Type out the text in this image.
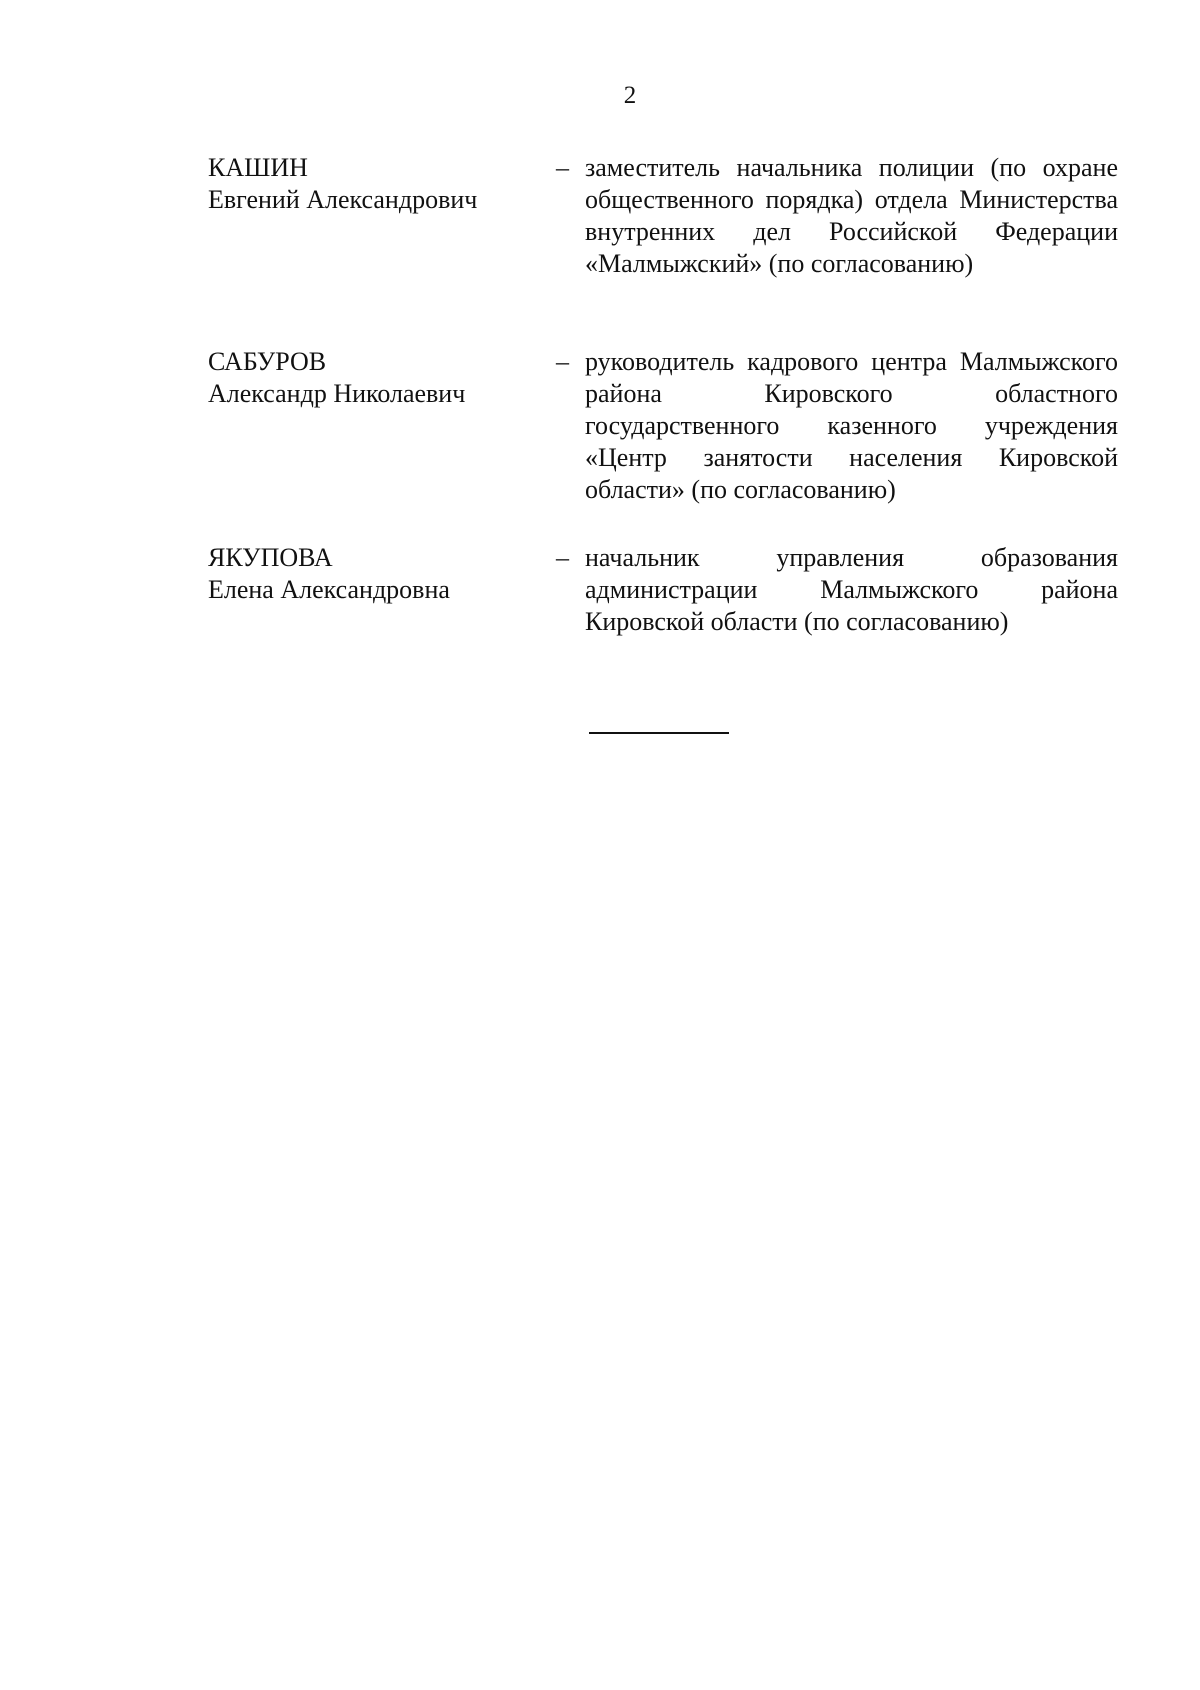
2
КАШИН
Евгений Александрович
– заместитель начальника полиции (по охране общественного порядка) отдела Министерства внутренних дел Российской Федерации «Малмыжский» (по согласованию)
САБУРОВ
Александр Николаевич
– руководитель кадрового центра Малмыжского района Кировского областного государственного казенного учреждения «Центр занятости населения Кировской области» (по согласованию)
ЯКУПОВА
Елена Александровна
– начальник управления образования администрации Малмыжского района Кировской области (по согласованию)
